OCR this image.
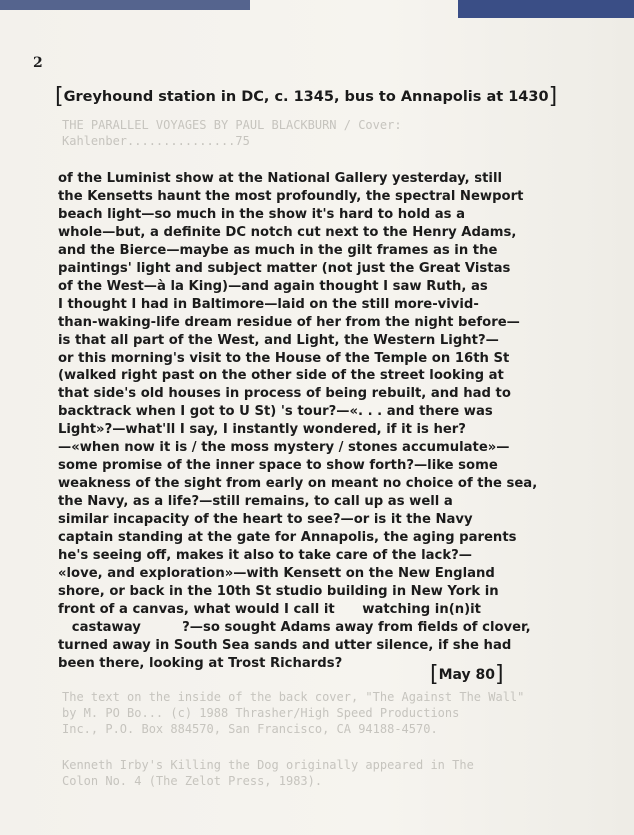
THE PARALLEL VOYAGES BY PAUL BLACKBURN / Cover:
Kahlenber...............75
The text on the inside of the back cover, "The Against The Wall"
by M. PO Bo... (c) 1988 Thrasher/High Speed Productions
Inc., P.O. Box 884570, San Francisco, CA 94188-4570.
Kenneth Irby's Killing the Dog originally appeared in The
Colon No. 4 (The Zelot Press, 1983).
2
[Greyhound station in DC, c. 1345, bus to Annapolis at 1430]
of the Luminist show at the National Gallery yesterday, still
the Kensetts haunt the most profoundly, the spectral Newport
beach light—so much in the show it's hard to hold as a
whole—but, a definite DC notch cut next to the Henry Adams,
and the Bierce—maybe as much in the gilt frames as in the
paintings' light and subject matter (not just the Great Vistas
of the West—à la King)—and again thought I saw Ruth, as
I thought I had in Baltimore—laid on the still more-vivid-
than-waking-life dream residue of her from the night before—
is that all part of the West, and Light, the Western Light?—
or this morning's visit to the House of the Temple on 16th St
(walked right past on the other side of the street looking at
that side's old houses in process of being rebuilt, and had to
backtrack when I got to U St) 's tour?—«. . . and there was
Light»?—what'll I say, I instantly wondered, if it is her?
—«when now it is / the moss mystery / stones accumulate»—
some promise of the inner space to show forth?—like some
weakness of the sight from early on meant no choice of the sea,
the Navy, as a life?—still remains, to call up as well a
similar incapacity of the heart to see?—or is it the Navy
captain standing at the gate for Annapolis, the aging parents
he's seeing off, makes it also to take care of the lack?—
«love, and exploration»—with Kensett on the New England
shore, or back in the 10th St studio building in New York in
front of a canvas, what would I call it      watching in(n)it
castaway         ?—so sought Adams away from fields of clover,
turned away in South Sea sands and utter silence, if she had
been there, looking at Trost Richards?	[May 80]
